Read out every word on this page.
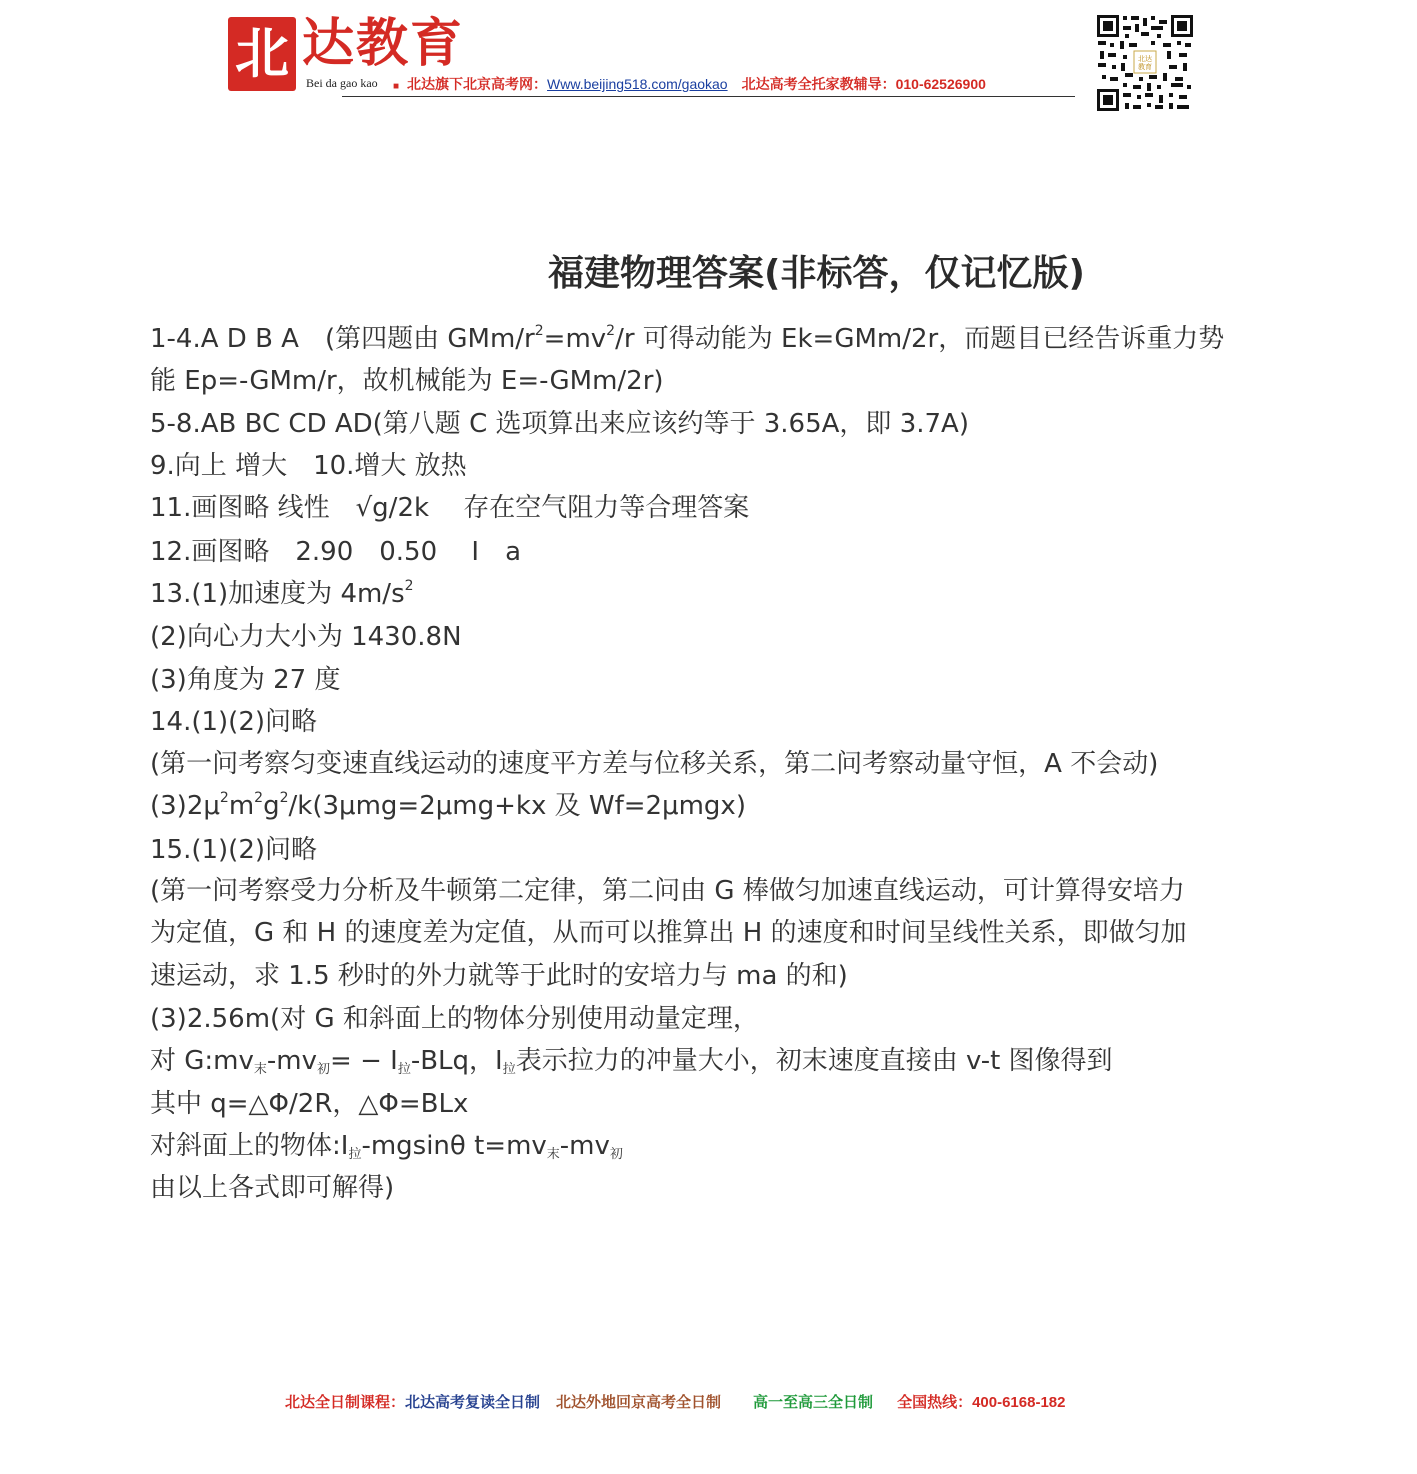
北 达教育
Bei da gao kao ■ 北达旗下北京高考网：Www.beijing518.com/gaokao 北达高考全托家教辅导：010-62526900
北达
教育
福建物理答案(非标答，仅记忆版)
1-4.A D B A　(第四题由 GMm/$r^2=mv^2/r$ 可得动能为 Ek=GMm/2r，而题目已经告诉重力势
能 Ep=-GMm/r，故机械能为 E=-GMm/2r)
5-8.AB BC CD AD(第八题 C 选项算出来应该约等于 3.65A，即 3.7A)
9.向上 增大　10.增大 放热
11.画图略 线性　√g/2k　 存在空气阻力等合理答案
12.画图略　2.90　0.50　 Ⅰ　a
13.(1)加速度为 $4m/s^2$
(2)向心力大小为 1430.8N
(3)角度为 27 度
14.(1)(2)问略
(第一问考察匀变速直线运动的速度平方差与位移关系，第二问考察动量守恒，A 不会动)
$(3)2\mu^2m^2g^2/k(3\mu mg=2\mu mg+kx$ 及 Wf=2μmgx)
15.(1)(2)问略
(第一问考察受力分析及牛顿第二定律，第二问由 G 棒做匀加速直线运动，可计算得安培力
为定值，G 和 H 的速度差为定值，从而可以推算出 H 的速度和时间呈线性关系，即做匀加
速运动，求 1.5 秒时的外力就等于此时的安培力与 ma 的和)
(3)2.56m(对 G 和斜面上的物体分别使用动量定理，
对 $G:mv_末-mv_初= - I_拉-BLq$，$I_拉$表示拉力的冲量大小，初末速度直接由 v-t 图像得到
其中 q=△Φ/2R，△Φ=BLx
对斜面上的物体$:I_拉$-mgsinθ $t=mv_末-mv_初$
由以上各式即可解得)
北达全日制课程：北达高考复读全日制 北达外地回京高考全日制 高一至高三全日制 全国热线：400-6168-182
